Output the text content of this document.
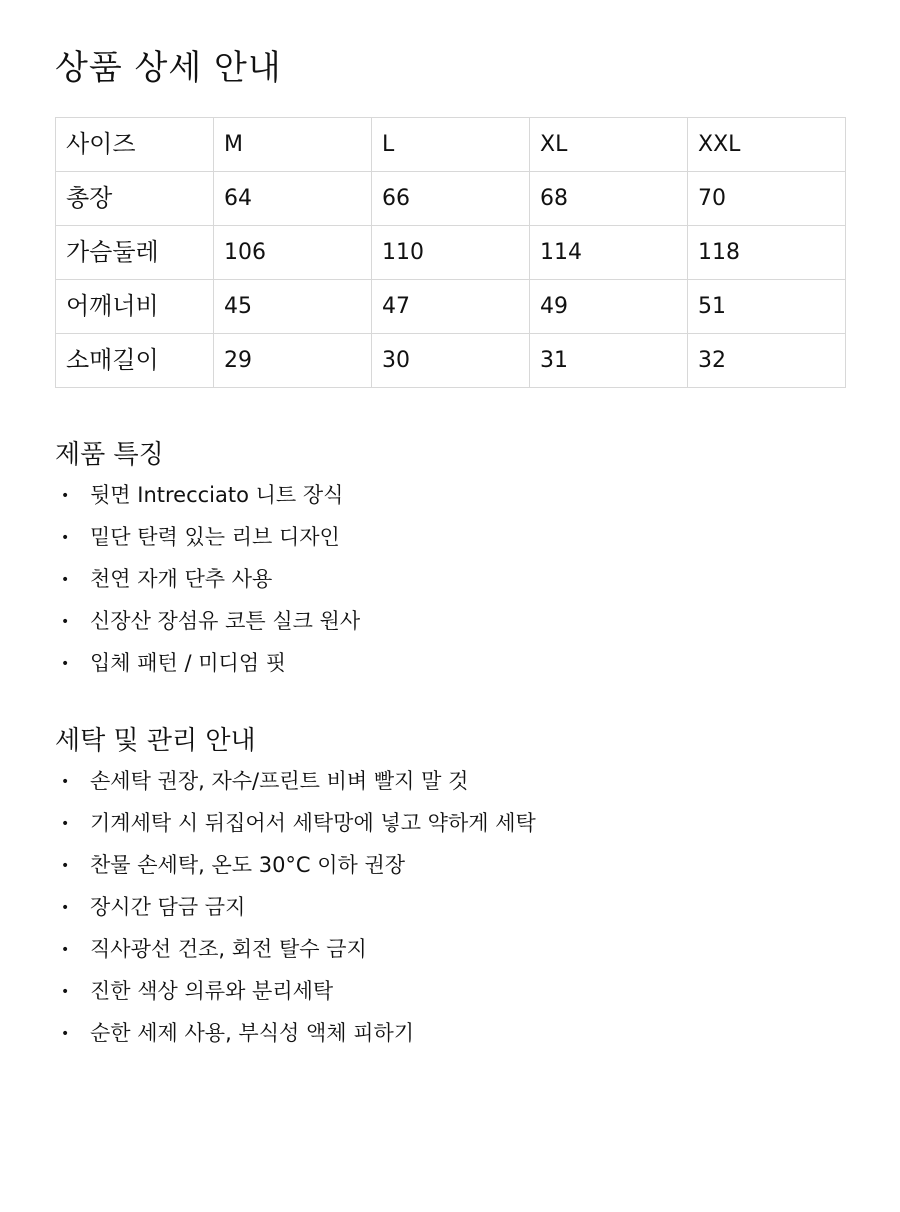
상품 상세 안내
사이즈	M	L	XL	XXL
총장	64	66	68	70
가슴둘레	106	110	114	118
어깨너비	45	47	49	51
소매길이	29	30	31	32
제품 특징
• 뒷면 Intrecciato 니트 장식
• 밑단 탄력 있는 리브 디자인
• 천연 자개 단추 사용
• 신장산 장섬유 코튼 실크 원사
• 입체 패턴 / 미디엄 핏
세탁 및 관리 안내
• 손세탁 권장, 자수/프린트 비벼 빨지 말 것
• 기계세탁 시 뒤집어서 세탁망에 넣고 약하게 세탁
• 찬물 손세탁, 온도 30°C 이하 권장
• 장시간 담금 금지
• 직사광선 건조, 회전 탈수 금지
• 진한 색상 의류와 분리세탁
• 순한 세제 사용, 부식성 액체 피하기
